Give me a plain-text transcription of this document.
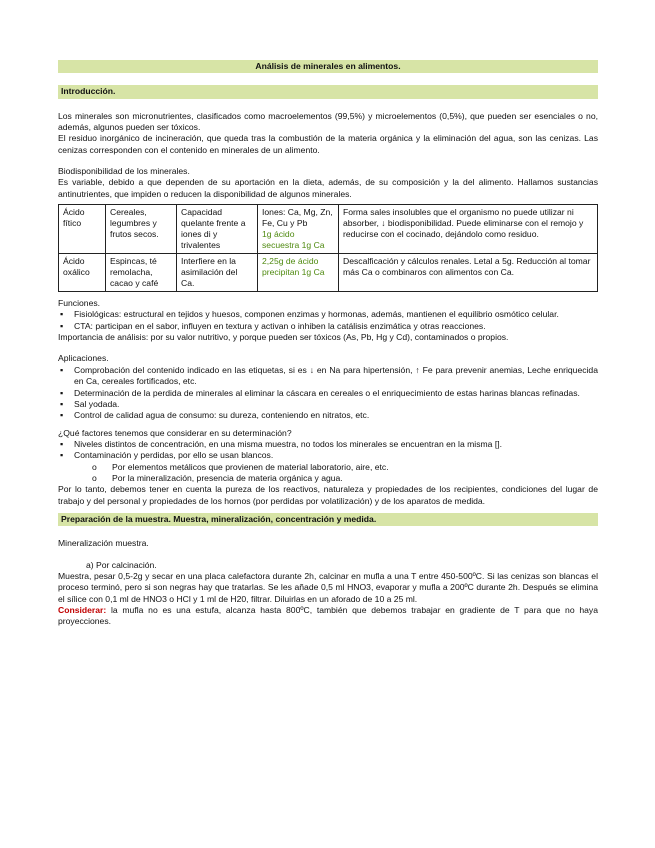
Análisis de minerales en alimentos.
Introducción.

Los minerales son micronutrientes, clasificados como macroelementos (99,5%) y microelementos (0,5%), que pueden ser esenciales o no, además, algunos pueden ser tóxicos.

El residuo inorgánico de incineración, que queda tras la combustión de la materia orgánica y la eliminación del agua, son las cenizas. Las cenizas corresponden con el contenido en minerales de un alimento.

Biodisponibilidad de los minerales.

Es variable, debido a que dependen de su aportación en la dieta, además, de su composición y la del alimento. Hallamos sustancias antinutrientes, que impiden o reducen la disponibilidad de algunos minerales.

Ácido fítico	Cereales, legumbres y frutos secos.	Capacidad quelante frente a iones di y trivalentes	Iones: Ca, Mg, Zn, Fe, Cu y Pb
1g ácido secuestra 1g Ca	Forma sales insolubles que el organismo no puede utilizar ni absorber, ↓ biodisponibilidad. Puede eliminarse con el remojo y reducirse con el cocinado, dejándolo como residuo.
Ácido oxálico	Espincas, té remolacha, cacao y café	Interfiere en la asimilación del Ca.	2,25g de ácido precipitan 1g Ca	Descalficación y cálculos renales. Letal a 5g. Reducción al tomar más Ca o combinaros con alimentos con Ca.

Funciones.

▪ Fisiológicas: estructural en tejidos y huesos, componen enzimas y hormonas, además, mantienen el equilibrio osmótico celular.
▪ CTA: participan en el sabor, influyen en textura y activan o inhiben la catálisis enzimática y otras reacciones.

Importancia de análisis: por su valor nutritivo, y porque pueden ser tóxicos (As, Pb, Hg y Cd), contaminados o propios.

Aplicaciones.

▪ Comprobación del contenido indicado en las etiquetas, si es ↓ en Na para hipertensión, ↑ Fe para prevenir anemias, Leche enriquecida en Ca, cereales fortificados, etc.
▪ Determinación de la perdida de minerales al eliminar la cáscara en cereales o el enriquecimiento de estas harinas blancas refinadas.
▪ Sal yodada.
▪ Control de calidad agua de consumo: su dureza, conteniendo en nitratos, etc.

¿Qué factores tenemos que considerar en su determinación?

▪ Niveles distintos de concentración, en una misma muestra, no todos los minerales se encuentran en la misma [].
▪ Contaminación y perdidas, por ello se usan blancos.
o Por elementos metálicos que provienen de material laboratorio, aire, etc.
o Por la mineralización, presencia de materia orgánica y agua.

Por lo tanto, debemos tener en cuenta la pureza de los reactivos, naturaleza y propiedades de los recipientes, condiciones del lugar de trabajo y del personal y propiedades de los hornos (por perdidas por volatilización) y de los aparatos de medida.

Preparación de la muestra. Muestra, mineralización, concentración y medida.

Mineralización muestra.

a) Por calcinación.

Muestra, pesar 0,5-2g y secar en una placa calefactora durante 2h, calcinar en mufla a una T entre 450-500ºC. Si las cenizas son blancas el proceso terminó, pero si son negras hay que tratarlas. Se les añade 0,5 ml HNO3, evaporar y mufla a 200ºC durante 2h. Después se elimina el sílice con 0,1 ml de HNO3 o HCl y 1 ml de H20, filtrar. Diluirlas en un aforado de 10 a 25 ml.

Considerar: la mufla no es una estufa, alcanza hasta 800ºC, también que debemos trabajar en gradiente de T para que no haya proyecciones.
